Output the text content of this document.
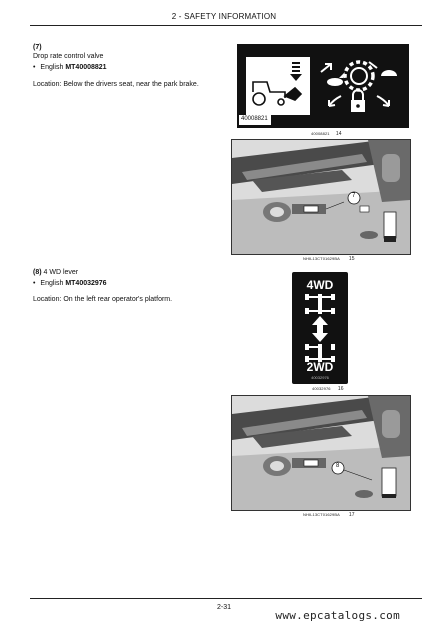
2 - SAFETY INFORMATION
(7)
Drop rate control valve
• English MT40008821
Location: Below the drivers seat, near the park brake.
40008821
40008821 14
7
NHIL13CT01629BA 15
(8) 4 WD lever
• English MT40032976
Location: On the left rear operator's platform.
4WD
2WD
40032976
40032976 16
8
NHIL13CT01629BA 17
2-31
www.epcatalogs.com
